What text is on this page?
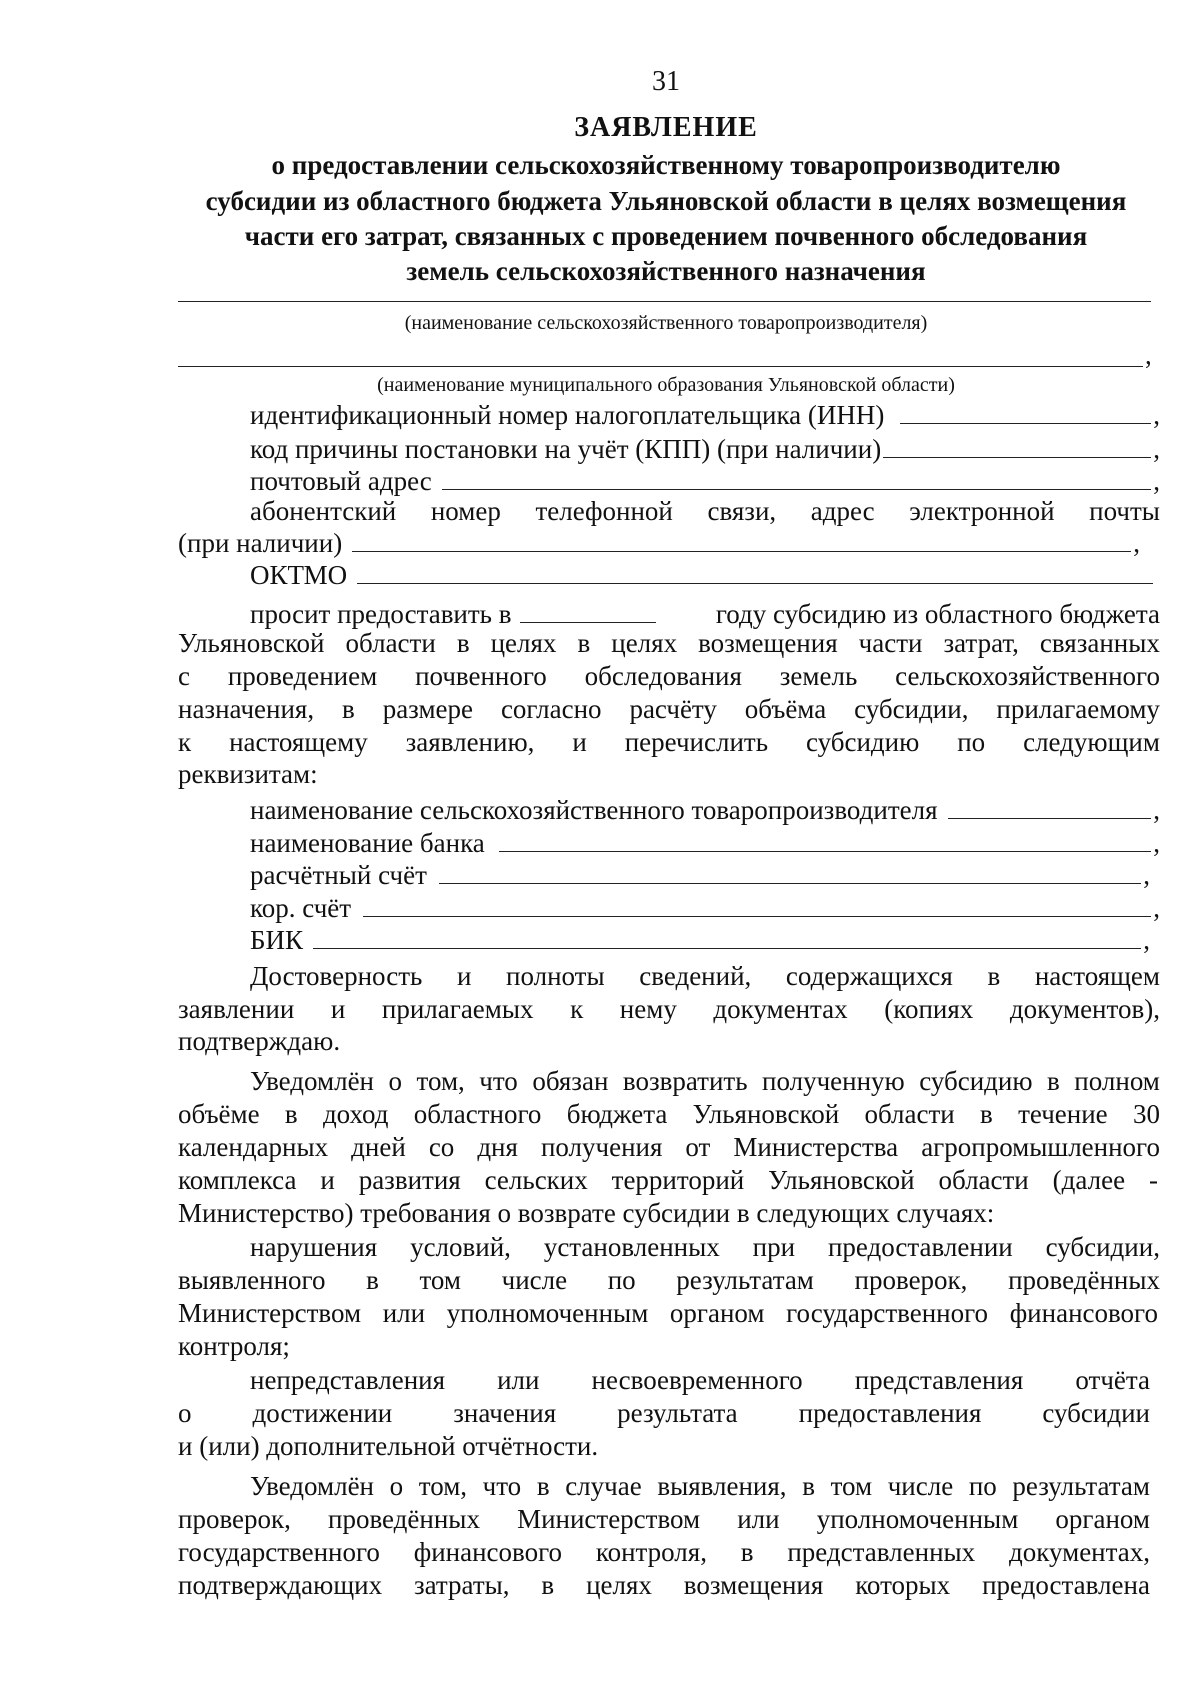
31
ЗАЯВЛЕНИЕ
о предоставлении сельскохозяйственному товаропроизводителю
субсидии из областного бюджета Ульяновской области в целях возмещения
части его затрат, связанных с проведением почвенного обследования
земель сельскохозяйственного назначения
(наименование сельскохозяйственного товаропроизводителя)
,
(наименование муниципального образования Ульяновской области)
идентификационный номер налогоплательщика (ИНН)	,
код причины постановки на учёт (КПП) (при наличии)	,
почтовый адрес	,
абонентский номер телефонной связи, адрес электронной почты
(при наличии)	,
ОКТМО
просит предоставить в	году субсидию из областного бюджета
Ульяновской области в целях в целях возмещения части затрат, связанных
с проведением почвенного обследования земель сельскохозяйственного
назначения, в размере согласно расчёту объёма субсидии, прилагаемому
к настоящему заявлению, и перечислить субсидию по следующим
реквизитам:
наименование сельскохозяйственного товаропроизводителя	,
наименование банка	,
расчётный счёт	,
кор. счёт	,
БИК	,
Достоверность и полноты сведений, содержащихся в настоящем
заявлении и прилагаемых к нему документах (копиях документов),
подтверждаю.
Уведомлён о том, что обязан возвратить полученную субсидию в полном
объёме в доход областного бюджета Ульяновской области в течение 30
календарных дней со дня получения от Министерства агропромышленного
комплекса и развития сельских территорий Ульяновской области (далее -
Министерство) требования о возврате субсидии в следующих случаях:
нарушения условий, установленных при предоставлении субсидии,
выявленного в том числе по результатам проверок, проведённых
Министерством или уполномоченным органом государственного финансового
контроля;
непредставления или несвоевременного представления отчёта
о достижении значения результата предоставления субсидии
и (или) дополнительной отчётности.
Уведомлён о том, что в случае выявления, в том числе по результатам
проверок, проведённых Министерством или уполномоченным органом
государственного финансового контроля, в представленных документах,
подтверждающих затраты, в целях возмещения которых предоставлена
